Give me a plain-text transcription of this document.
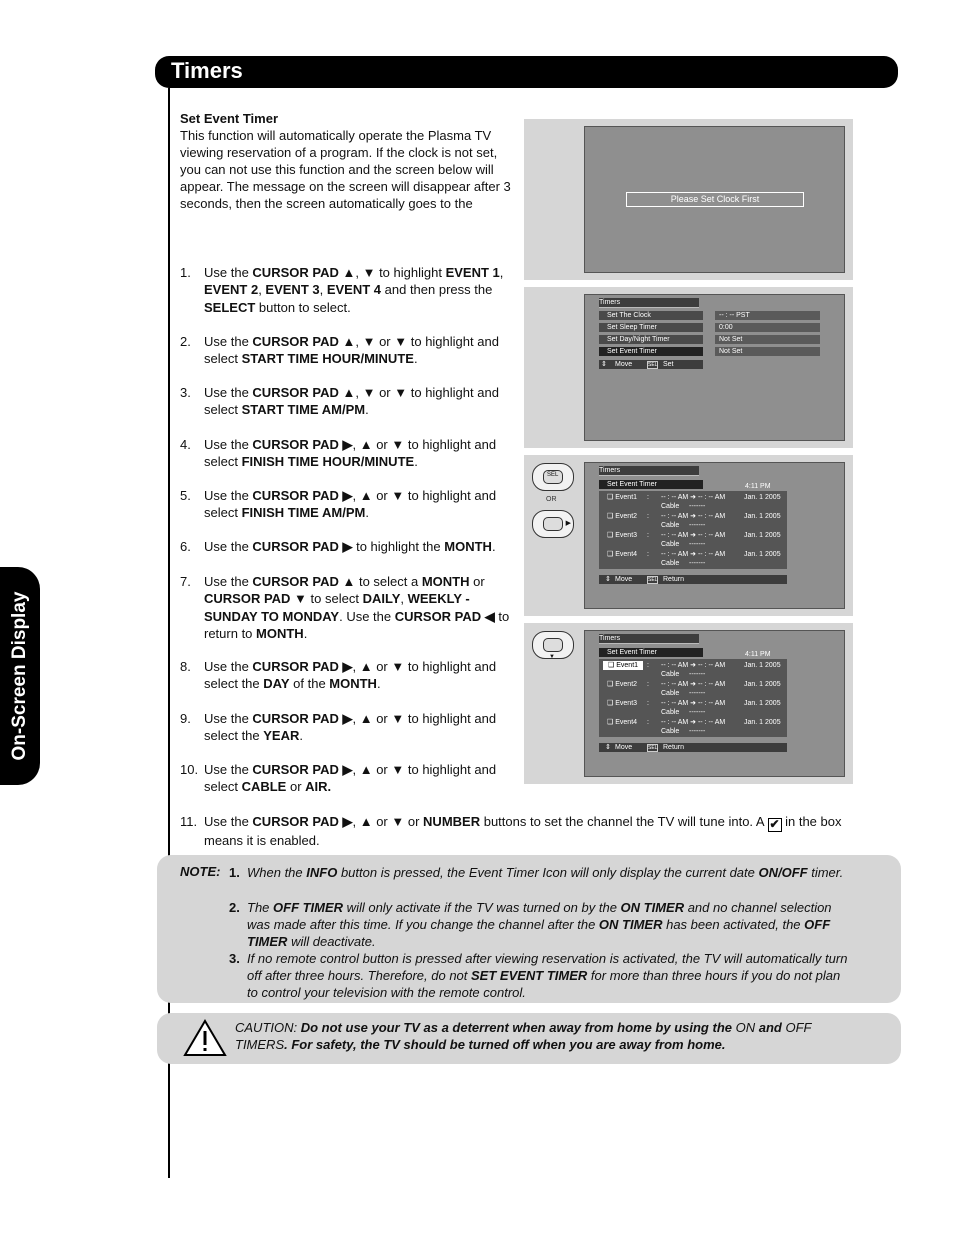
Timers
On-Screen Display
Set Event Timer
This function will automatically operate the Plasma TV viewing reservation of a program. If the clock is not set, you can not use this function and the screen below will appear. The message on the screen will disappear after 3 seconds, then the screen automatically goes to the
1. Use the CURSOR PAD ▲, ▼ to highlight EVENT 1, EVENT 2, EVENT 3, EVENT 4 and then press the SELECT button to select.
2. Use the CURSOR PAD ▲, ▼ or ▼ to highlight and select START TIME HOUR/MINUTE.
3. Use the CURSOR PAD ▲, ▼ or ▼ to highlight and select START TIME AM/PM.
4. Use the CURSOR PAD ▶, ▲ or ▼ to highlight and select FINISH TIME HOUR/MINUTE.
5. Use the CURSOR PAD ▶, ▲ or ▼ to highlight and select FINISH TIME AM/PM.
6. Use the CURSOR PAD ▶ to highlight the MONTH.
7. Use the CURSOR PAD ▲ to select a MONTH or CURSOR PAD ▼ to select DAILY, WEEKLY - SUNDAY TO MONDAY. Use the CURSOR PAD ◀ to return to MONTH.
8. Use the CURSOR PAD ▶, ▲ or ▼ to highlight and select the DAY of the MONTH.
9. Use the CURSOR PAD ▶, ▲ or ▼ to highlight and select the YEAR.
10. Use the CURSOR PAD ▶, ▲ or ▼ to highlight and select CABLE or AIR.
11. Use the CURSOR PAD ▶, ▲ or ▼ or NUMBER buttons to set the channel the TV will tune into. A ✔ in the box means it is enabled.
Please Set Clock First
Timers
Set The Clock	-- : -- PST
Set Sleep Timer	0:00
Set Day/Night Timer	Not Set
Set Event Timer	Not Set
⇕ Move	SEL Set
SEL
OR
▶
Timers
Set Event Timer	4:11 PM
❑ Event1 : -- : -- AM ➜ -- : -- AM	Jan. 1 2005
Cable -------
❑ Event2 : -- : -- AM ➜ -- : -- AM	Jan. 1 2005
Cable -------
❑ Event3 : -- : -- AM ➜ -- : -- AM	Jan. 1 2005
Cable -------
❑ Event4 : -- : -- AM ➜ -- : -- AM	Jan. 1 2005
Cable -------
⇕ Move	SEL Return
▼
Timers
Set Event Timer	4:11 PM
❑ Event1	: -- : -- AM ➜ -- : -- AM	Jan. 1 2005
Cable -------
❑ Event2 : -- : -- AM ➜ -- : -- AM	Jan. 1 2005
Cable -------
❑ Event3 : -- : -- AM ➜ -- : -- AM	Jan. 1 2005
Cable -------
❑ Event4 : -- : -- AM ➜ -- : -- AM	Jan. 1 2005
Cable -------
⇕ Move	SEL Return
NOTE: 1. When the INFO button is pressed, the Event Timer Icon will only display the current date ON/OFF timer.
2. The OFF TIMER will only activate if the TV was turned on by the ON TIMER and no channel selection was made after this time. If you change the channel after the ON TIMER has been activated, the OFF TIMER will deactivate.
3. If no remote control button is pressed after viewing reservation is activated, the TV will automatically turn off after three hours. Therefore, do not SET EVENT TIMER for more than three hours if you do not plan to control your television with the remote control.
CAUTION: Do not use your TV as a deterrent when away from home by using the ON and OFF TIMERS. For safety, the TV should be turned off when you are away from home.
